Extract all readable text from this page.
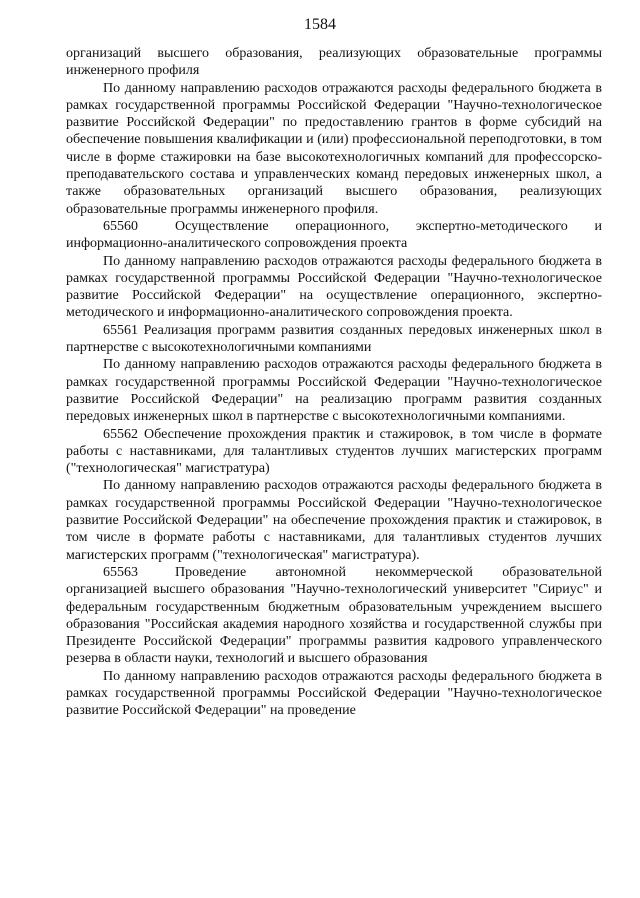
1584

организаций высшего образования, реализующих образовательные программы инженерного профиля

По данному направлению расходов отражаются расходы федерального бюджета в рамках государственной программы Российской Федерации "Научно-технологическое развитие Российской Федерации" по предоставлению грантов в форме субсидий на обеспечение повышения квалификации и (или) профессиональной переподготовки, в том числе в форме стажировки на базе высокотехнологичных компаний для профессорско-преподавательского состава и управленческих команд передовых инженерных школ, а также образовательных организаций высшего образования, реализующих образовательные программы инженерного профиля.

65560	Осуществление операционного, экспертно-методического и информационно-аналитического сопровождения проекта

По данному направлению расходов отражаются расходы федерального бюджета в рамках государственной программы Российской Федерации "Научно-технологическое развитие Российской Федерации" на осуществление операционного, экспертно-методического и информационно-аналитического сопровождения проекта.

65561 Реализация программ развития созданных передовых инженерных школ в партнерстве с высокотехнологичными компаниями

По данному направлению расходов отражаются расходы федерального бюджета в рамках государственной программы Российской Федерации "Научно-технологическое развитие Российской Федерации" на реализацию программ развития созданных передовых инженерных школ в партнерстве с высокотехнологичными компаниями.

65562 Обеспечение прохождения практик и стажировок, в том числе в формате работы с наставниками, для талантливых студентов лучших магистерских программ ("технологическая" магистратура)

По данному направлению расходов отражаются расходы федерального бюджета в рамках государственной программы Российской Федерации "Научно-технологическое развитие Российской Федерации" на обеспечение прохождения практик и стажировок, в том числе в формате работы с наставниками, для талантливых студентов лучших магистерских программ ("технологическая" магистратура).

65563	Проведение автономной некоммерческой образовательной организацией высшего образования "Научно-технологический университет "Сириус" и федеральным государственным бюджетным образовательным учреждением высшего образования "Российская академия народного хозяйства и государственной службы при Президенте Российской Федерации" программы развития кадрового управленческого резерва в области науки, технологий и высшего образования

По данному направлению расходов отражаются расходы федерального бюджета в рамках государственной программы Российской Федерации "Научно-технологическое развитие Российской Федерации" на проведение
